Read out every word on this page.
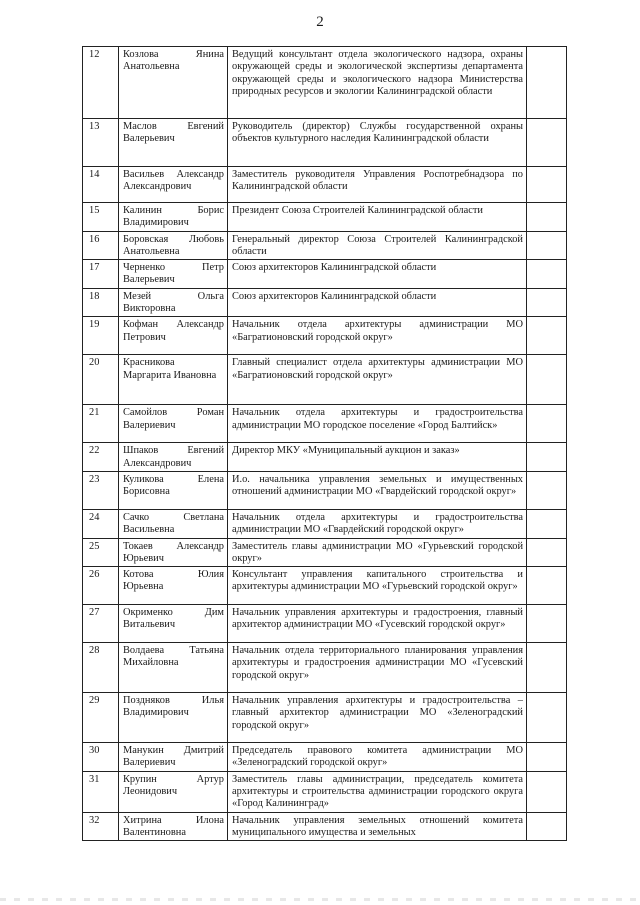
2
12	Козлова Янина Анатольевна	Ведущий консультант отдела экологического надзора, охраны окружающей среды и экологической экспертизы департамента окружающей среды и экологического надзора Министерства природных ресурсов и экологии Калининградской области	
13	Маслов Евгений Валерьевич	Руководитель (директор) Службы государственной охраны объектов культурного наследия Калининградской области	
14	Васильев Александр Александрович	Заместитель руководителя Управления Роспотребнадзора по Калининградской области	
15	Калинин Борис Владимирович	Президент Союза Строителей Калининградской области	
16	Боровская Любовь Анатольевна	Генеральный директор Союза Строителей Калининградской области	
17	Черненко Петр Валерьевич	Союз архитекторов Калининградской области	
18	Мезей Ольга Викторовна	Союз архитекторов Калининградской области	
19	Кофман Александр Петрович	Начальник отдела архитектуры администрации МО «Багратионовский городской округ»	
20	Красникова Маргарита Ивановна	Главный специалист отдела архитектуры администрации МО «Багратионовский городской округ»	
21	Самойлов Роман Валериевич	Начальник отдела архитектуры и градостроительства администрации МО городское поселение «Город Балтийск»	
22	Шпаков Евгений Александрович	Директор МКУ «Муниципальный аукцион и заказ»	
23	Куликова Елена Борисовна	И.о. начальника управления земельных и имущественных отношений администрации МО «Гвардейский городской округ»	
24	Сачко Светлана Васильевна	Начальник отдела архитектуры и градостроительства администрации МО «Гвардейский городской округ»	
25	Токаев Александр Юрьевич	Заместитель главы администрации МО «Гурьевский городской округ»	
26	Котова Юлия Юрьевна	Консультант управления капитального строительства и архитектуры администрации МО «Гурьевский городской округ»	
27	Окрименко Дим Витальевич	Начальник управления архитектуры и градостроения, главный архитектор администрации МО «Гусевский городской округ»	
28	Волдаева Татьяна Михайловна	Начальник отдела территориального планирования управления архитектуры и градостроения администрации МО «Гусевский городской округ»	
29	Поздняков Илья Владимирович	Начальник управления архитектуры и градостроительства – главный архитектор администрации МО «Зеленоградский городской округ»	
30	Манукин Дмитрий Валериевич	Председатель правового комитета администрации МО «Зеленоградский городской округ»	
31	Крупин Артур Леонидович	Заместитель главы администрации, председатель комитета архитектуры и строительства администрации городского округа «Город Калининград»	
32	Хитрина Илона Валентиновна	Начальник управления земельных отношений комитета муниципального имущества и земельных	
